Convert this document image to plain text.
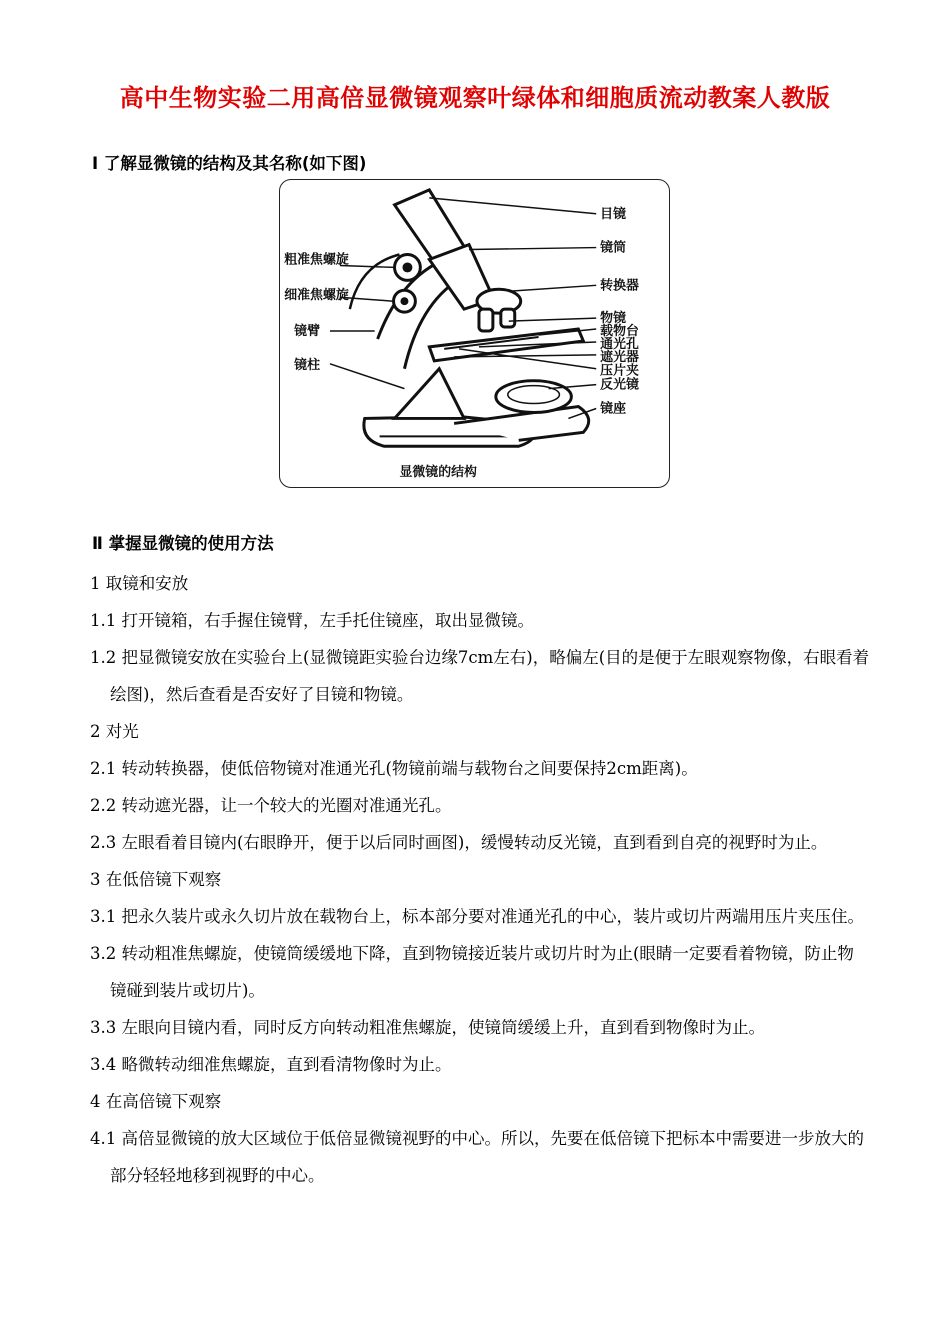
高中生物实验二用高倍显微镜观察叶绿体和细胞质流动教案人教版
Ⅰ 了解显微镜的结构及其名称(如下图)
目镜
镜筒
转换器
物镜
载物台
通光孔
遮光器
压片夹
反光镜
镜座
粗准焦螺旋
细准焦螺旋
镜臂
镜柱
显微镜的结构
Ⅱ 掌握显微镜的使用方法

1 取镜和安放

1.1 打开镜箱，右手握住镜臂，左手托住镜座，取出显微镜。

1.2 把显微镜安放在实验台上(显微镜距实验台边缘7cm左右)，略偏左(目的是便于左眼观察物像，右眼看着绘图)，然后查看是否安好了目镜和物镜。

2 对光

2.1 转动转换器，使低倍物镜对准通光孔(物镜前端与载物台之间要保持2cm距离)。

2.2 转动遮光器，让一个较大的光圈对准通光孔。

2.3 左眼看着目镜内(右眼睁开，便于以后同时画图)，缓慢转动反光镜，直到看到自亮的视野时为止。

3 在低倍镜下观察

3.1 把永久装片或永久切片放在载物台上，标本部分要对准通光孔的中心，装片或切片两端用压片夹压住。

3.2 转动粗准焦螺旋，使镜筒缓缓地下降，直到物镜接近装片或切片时为止(眼睛一定要看着物镜，防止物镜碰到装片或切片)。

3.3 左眼向目镜内看，同时反方向转动粗准焦螺旋，使镜筒缓缓上升，直到看到物像时为止。

3.4 略微转动细准焦螺旋，直到看清物像时为止。

4 在高倍镜下观察

4.1 高倍显微镜的放大区域位于低倍显微镜视野的中心。所以，先要在低倍镜下把标本中需要进一步放大的部分轻轻地移到视野的中心。
